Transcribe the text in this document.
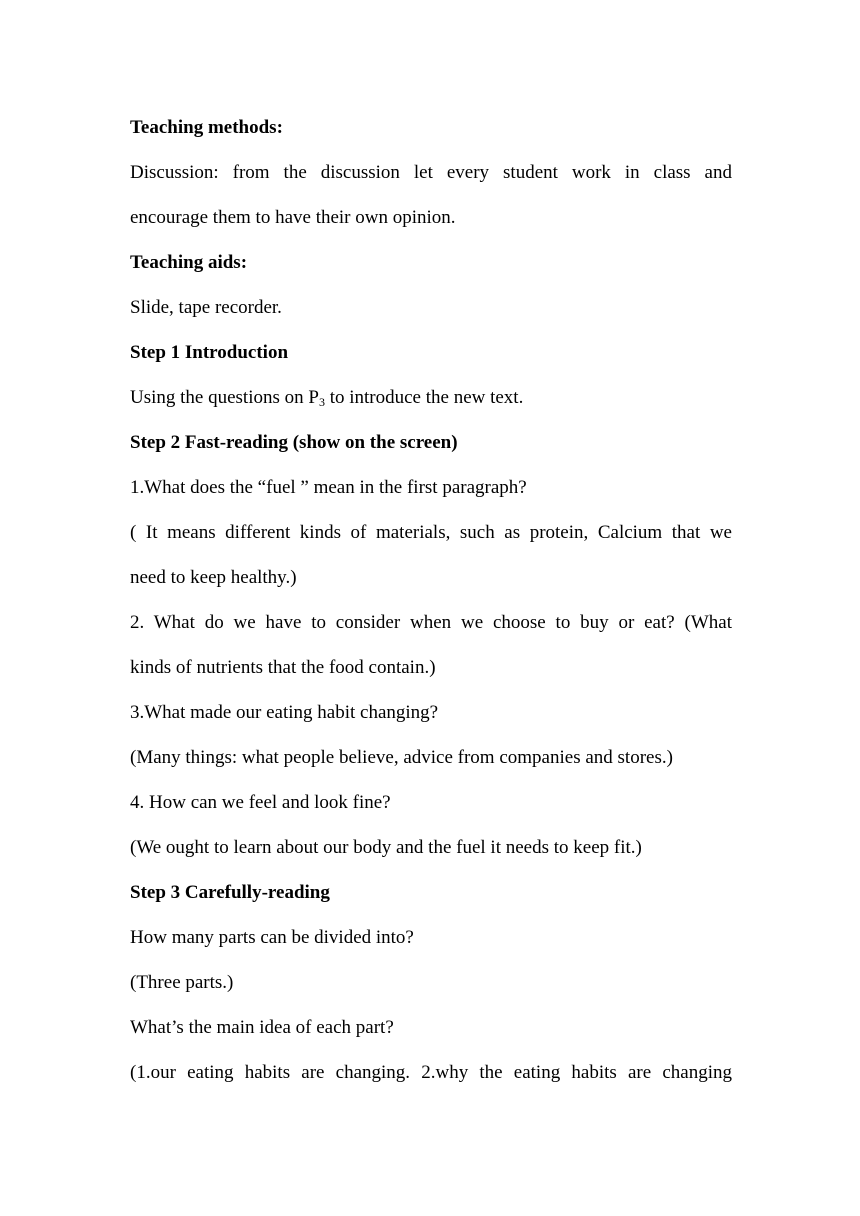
Teaching methods:
Discussion: from the discussion let every student work in class and
encourage them to have their own opinion.
Teaching aids:
Slide, tape recorder.
Step 1 Introduction
Using the questions on $P_3$ to introduce the new text.
Step 2 Fast-reading (show on the screen)
1.What does the “fuel ” mean in the first paragraph?
( It means different kinds of materials, such as protein, Calcium that we
need to keep healthy.)
2. What do we have to consider when we choose to buy or eat? (What
kinds of nutrients that the food contain.)
3.What made our eating habit changing?
(Many things: what people believe, advice from companies and stores.)
4. How can we feel and look fine?
(We ought to learn about our body and the fuel it needs to keep fit.)
Step 3 Carefully-reading
How many parts can be divided into?
(Three parts.)
What’s the main idea of each part?
(1.our eating habits are changing. 2.why the eating habits are changing
